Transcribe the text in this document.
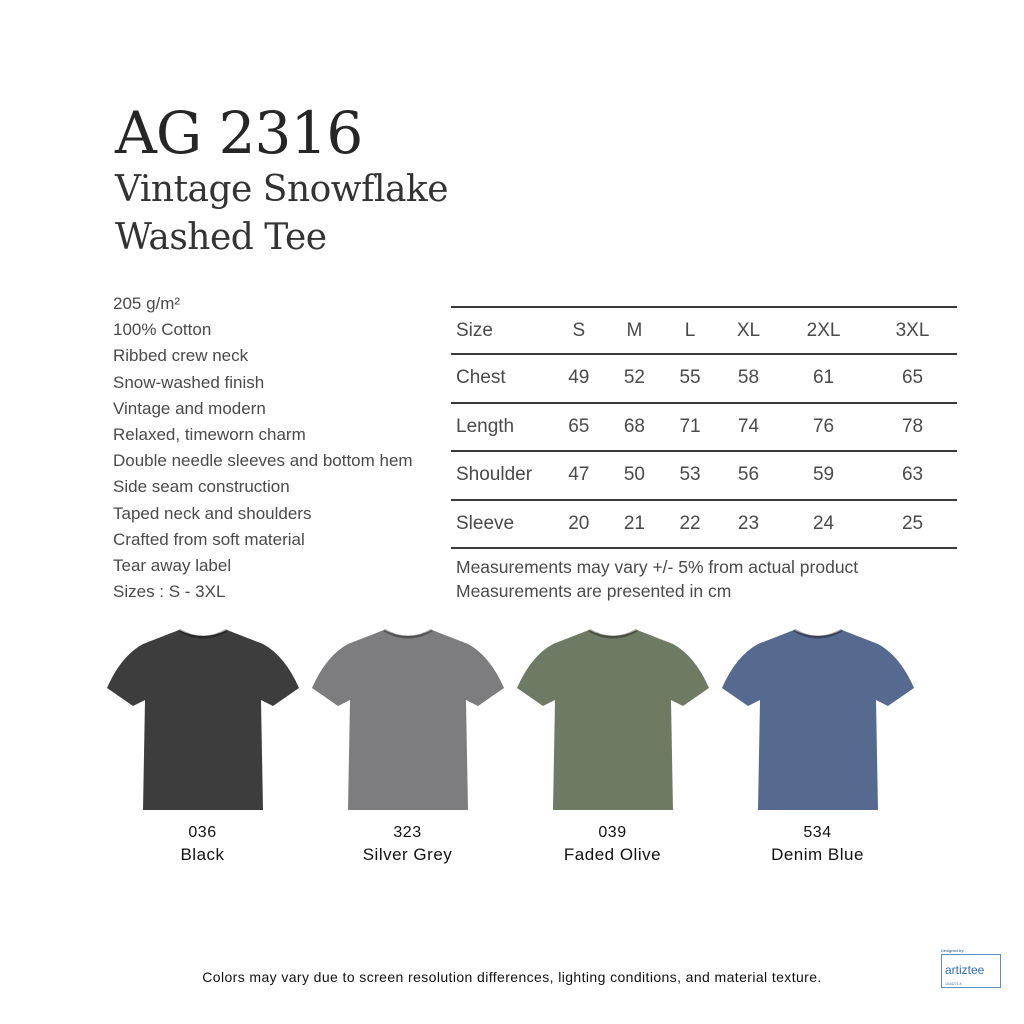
AG 2316
Vintage Snowflake
Washed Tee
205 g/m²
100% Cotton
Ribbed crew neck
Snow-washed finish
Vintage and modern
Relaxed, timeworn charm
Double needle sleeves and bottom hem
Side seam construction
Taped neck and shoulders
Crafted from soft material
Tear away label
Sizes : S - 3XL
Size	S	M	L	XL	2XL	3XL
Chest	49	52	55	58	61	65
Length	65	68	71	74	76	78
Shoulder	47	50	53	56	59	63
Sleeve	20	21	22	23	24	25
Measurements may vary +/- 5% from actual product
Measurements are presented in cm
036
Black
323
Silver Grey
039
Faded Olive
534
Denim Blue
Colors may vary due to screen resolution differences, lighting conditions, and material texture.
Designed by:
artiztee
1044271 A
